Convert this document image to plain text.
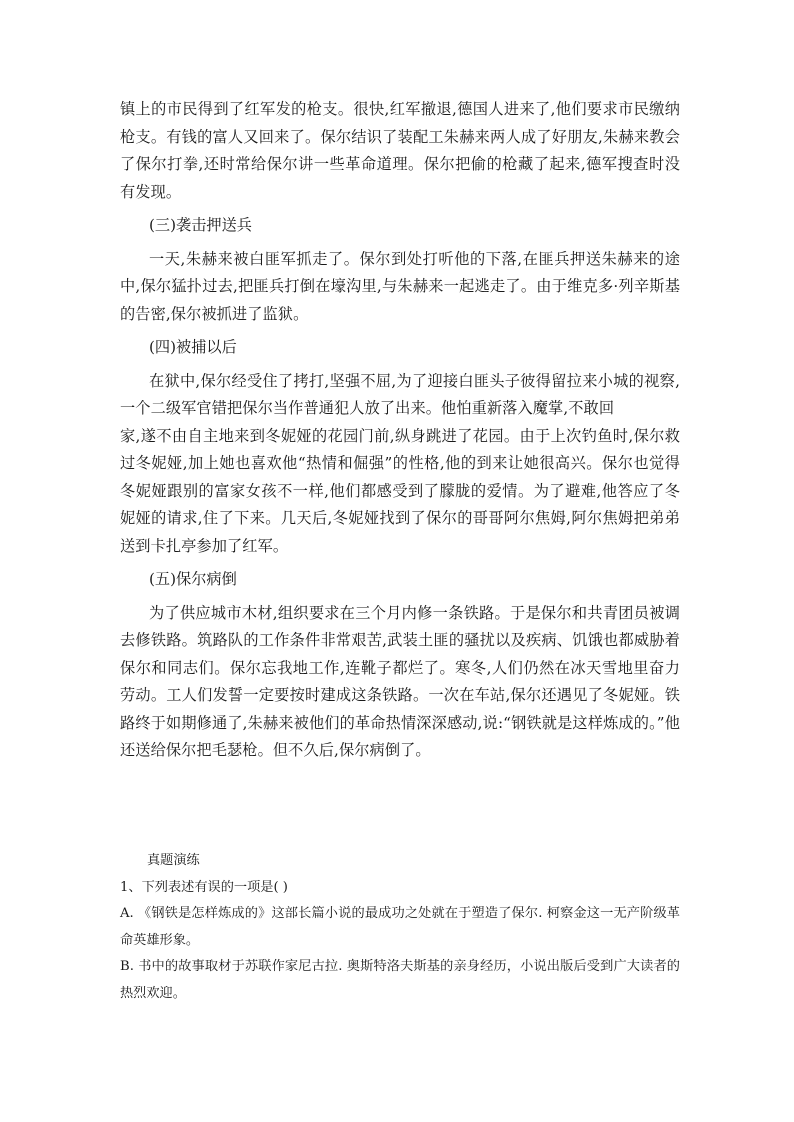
镇上的市民得到了红军发的枪支。很快,红军撤退,德国人进来了,他们要求市民缴纳枪支。有钱的富人又回来了。保尔结识了装配工朱赫来两人成了好朋友,朱赫来教会了保尔打拳,还时常给保尔讲一些革命道理。保尔把偷的枪藏了起来,德军搜查时没有发现。

(三)袭击押送兵

一天,朱赫来被白匪军抓走了。保尔到处打听他的下落,在匪兵押送朱赫来的途中,保尔猛扑过去,把匪兵打倒在壕沟里,与朱赫来一起逃走了。由于维克多·列辛斯基的告密,保尔被抓进了监狱。

(四)被捕以后

在狱中,保尔经受住了拷打,坚强不屈,为了迎接白匪头子彼得留拉来小城的视察,一个二级军官错把保尔当作普通犯人放了出来。他怕重新落入魔掌,不敢回

家,遂不由自主地来到冬妮娅的花园门前,纵身跳进了花园。由于上次钓鱼时,保尔救过冬妮娅,加上她也喜欢他“热情和倔强”的性格,他的到来让她很高兴。保尔也觉得冬妮娅跟别的富家女孩不一样,他们都感受到了朦胧的爱情。为了避难,他答应了冬妮娅的请求,住了下来。几天后,冬妮娅找到了保尔的哥哥阿尔焦姆,阿尔焦姆把弟弟送到卡扎亭参加了红军。

(五)保尔病倒

为了供应城市木材,组织要求在三个月内修一条铁路。于是保尔和共青团员被调去修铁路。筑路队的工作条件非常艰苦,武装土匪的骚扰以及疾病、饥饿也都威胁着保尔和同志们。保尔忘我地工作,连靴子都烂了。寒冬,人们仍然在冰天雪地里奋力劳动。工人们发誓一定要按时建成这条铁路。一次在车站,保尔还遇见了冬妮娅。铁路终于如期修通了,朱赫来被他们的革命热情深深感动,说:“钢铁就是这样炼成的。”他还送给保尔把毛瑟枪。但不久后,保尔病倒了。

真题演练

1、下列表述有误的一项是( )

A. 《钢铁是怎样炼成的》这部长篇小说的最成功之处就在于塑造了保尔. 柯察金这一无产阶级革命英雄形象。

B. 书中的故事取材于苏联作家尼古拉. 奥斯特洛夫斯基的亲身经历，小说出版后受到广大读者的热烈欢迎。
